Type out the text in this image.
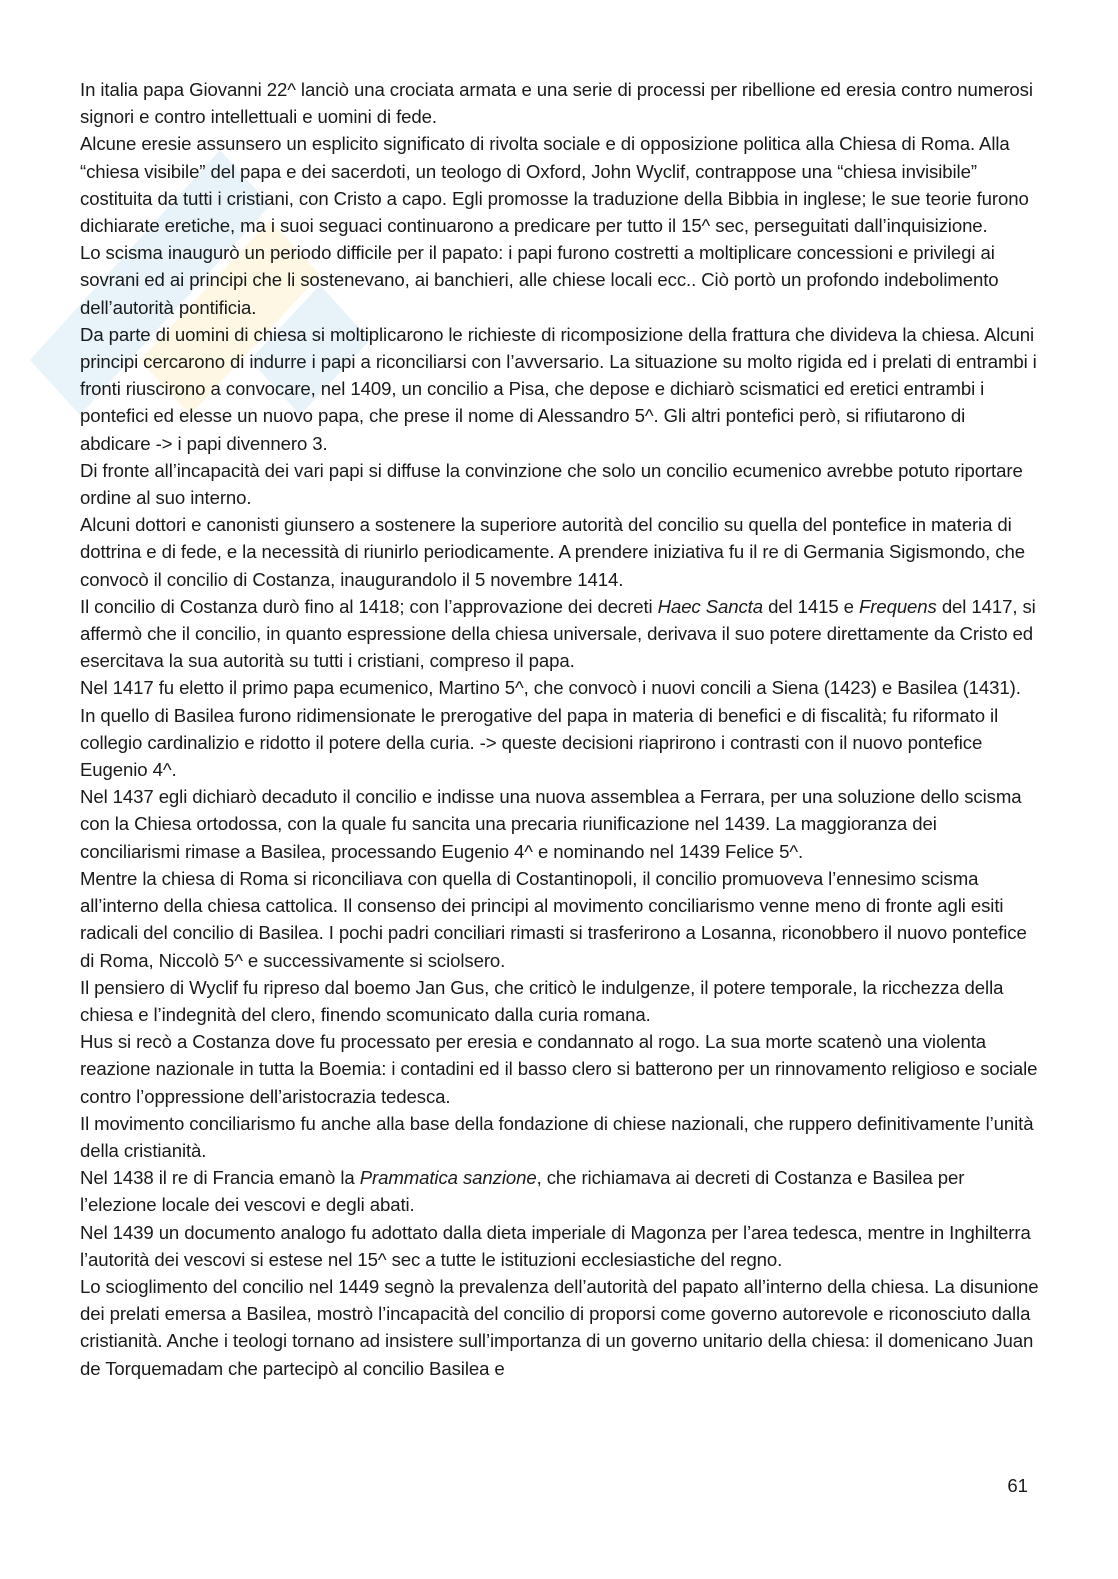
In italia papa Giovanni 22^ lanciò una crociata armata e una serie di processi per ribellione ed eresia contro numerosi signori e contro intellettuali e uomini di fede.

Alcune eresie assunsero un esplicito significato di rivolta sociale e di opposizione politica alla Chiesa di Roma. Alla “chiesa visibile” del papa e dei sacerdoti, un teologo di Oxford, John Wyclif, contrappose una “chiesa invisibile” costituita da tutti i cristiani, con Cristo a capo. Egli promosse la traduzione della Bibbia in inglese; le sue teorie furono dichiarate eretiche, ma i suoi seguaci continuarono a predicare per tutto il 15^ sec, perseguitati dall’inquisizione.

Lo scisma inaugurò un periodo difficile per il papato: i papi furono costretti a moltiplicare concessioni e privilegi ai sovrani ed ai principi che li sostenevano, ai banchieri, alle chiese locali ecc.. Ciò portò un profondo indebolimento dell’autorità pontificia.

Da parte di uomini di chiesa si moltiplicarono le richieste di ricomposizione della frattura che divideva la chiesa. Alcuni principi cercarono di indurre i papi a riconciliarsi con l’avversario. La situazione su molto rigida ed i prelati di entrambi i fronti riuscirono a convocare, nel 1409, un concilio a Pisa, che depose e dichiarò scismatici ed eretici entrambi i pontefici ed elesse un nuovo papa, che prese il nome di Alessandro 5^. Gli altri pontefici però, si rifiutarono di abdicare -> i papi divennero 3.

Di fronte all’incapacità dei vari papi si diffuse la convinzione che solo un concilio ecumenico avrebbe potuto riportare ordine al suo interno.

Alcuni dottori e canonisti giunsero a sostenere la superiore autorità del concilio su quella del pontefice in materia di dottrina e di fede, e la necessità di riunirlo periodicamente. A prendere iniziativa fu il re di Germania Sigismondo, che convocò il concilio di Costanza, inaugurandolo il 5 novembre 1414.

Il concilio di Costanza durò fino al 1418; con l’approvazione dei decreti Haec Sancta del 1415 e Frequens del 1417, si affermò che il concilio, in quanto espressione della chiesa universale, derivava il suo potere direttamente da Cristo ed esercitava la sua autorità su tutti i cristiani, compreso il papa.

Nel 1417 fu eletto il primo papa ecumenico, Martino 5^, che convocò i nuovi concili a Siena (1423) e Basilea (1431). In quello di Basilea furono ridimensionate le prerogative del papa in materia di benefici e di fiscalità; fu riformato il collegio cardinalizio e ridotto il potere della curia. -> queste decisioni riaprirono i contrasti con il nuovo pontefice Eugenio 4^.

Nel 1437 egli dichiarò decaduto il concilio e indisse una nuova assemblea a Ferrara, per una soluzione dello scisma con la Chiesa ortodossa, con la quale fu sancita una precaria riunificazione nel 1439. La maggioranza dei conciliarismi rimase a Basilea, processando Eugenio 4^ e nominando nel 1439 Felice 5^.

Mentre la chiesa di Roma si riconciliava con quella di Costantinopoli, il concilio promuoveva l’ennesimo scisma all’interno della chiesa cattolica. Il consenso dei principi al movimento conciliarismo venne meno di fronte agli esiti radicali del concilio di Basilea. I pochi padri conciliari rimasti si trasferirono a Losanna, riconobbero il nuovo pontefice di Roma, Niccolò 5^ e successivamente si sciolsero.

Il pensiero di Wyclif fu ripreso dal boemo Jan Gus, che criticò le indulgenze, il potere temporale, la ricchezza della chiesa e l’indegnità del clero, finendo scomunicato dalla curia romana.

Hus si recò a Costanza dove fu processato per eresia e condannato al rogo. La sua morte scatenò una violenta reazione nazionale in tutta la Boemia: i contadini ed il basso clero si batterono per un rinnovamento religioso e sociale contro l’oppressione dell’aristocrazia tedesca.

Il movimento conciliarismo fu anche alla base della fondazione di chiese nazionali, che ruppero definitivamente l’unità della cristianità.

Nel 1438 il re di Francia emanò la Prammatica sanzione, che richiamava ai decreti di Costanza e Basilea per l’elezione locale dei vescovi e degli abati.

Nel 1439 un documento analogo fu adottato dalla dieta imperiale di Magonza per l’area tedesca, mentre in Inghilterra l’autorità dei vescovi si estese nel 15^ sec a tutte le istituzioni ecclesiastiche del regno.

Lo scioglimento del concilio nel 1449 segnò la prevalenza dell’autorità del papato all’interno della chiesa. La disunione dei prelati emersa a Basilea, mostrò l’incapacità del concilio di proporsi come governo autorevole e riconosciuto dalla cristianità. Anche i teologi tornano ad insistere sull’importanza di un governo unitario della chiesa: il domenicano Juan de Torquemadam che partecipò al concilio Basilea e

61
